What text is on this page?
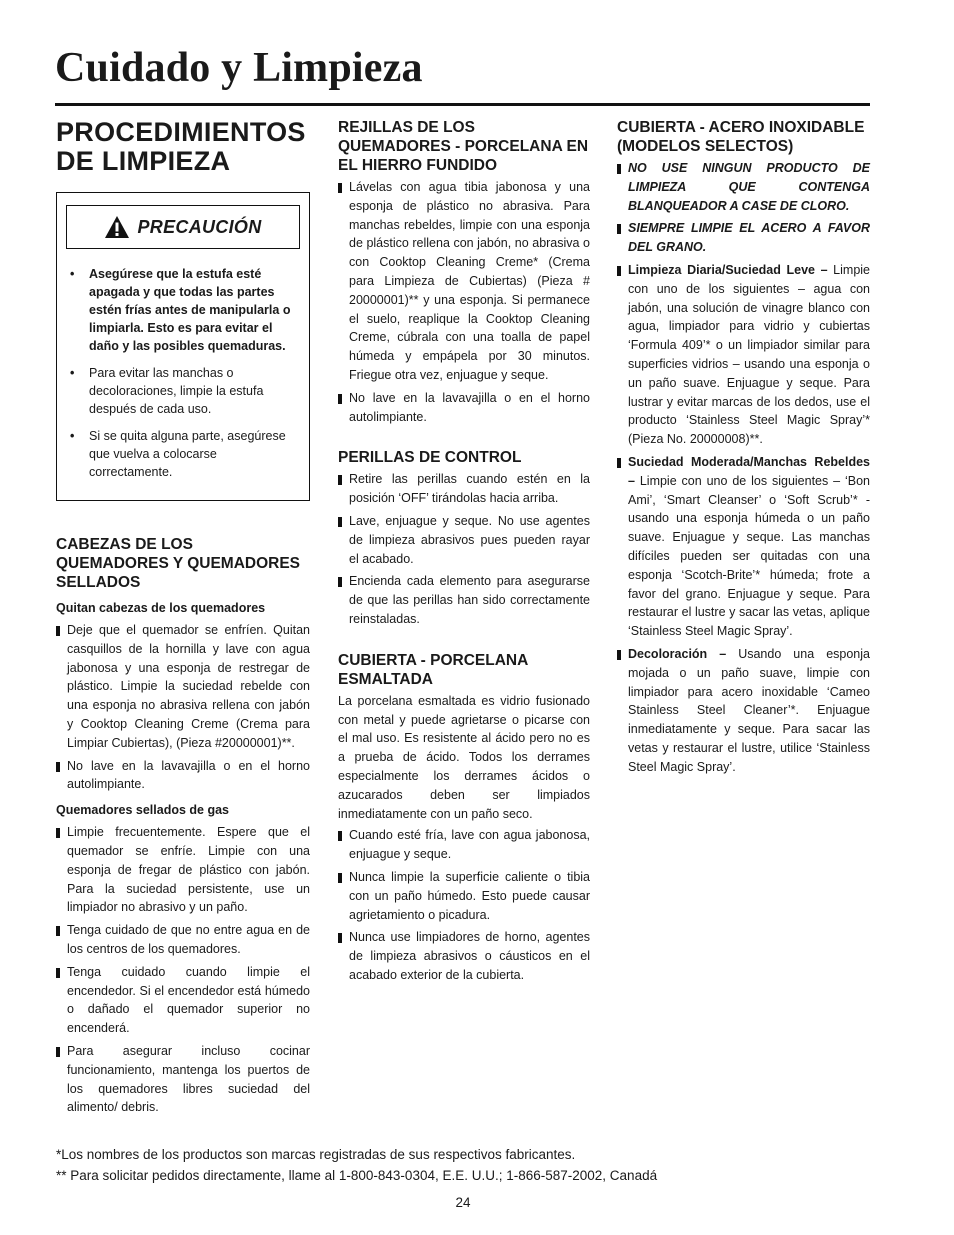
Cuidado y Limpieza
PROCEDIMIENTOS DE LIMPIEZA
PRECAUCIÓN
• Asegúrese que la estufa esté apagada y que todas las partes estén frías antes de manipularla o limpiarla. Esto es para evitar el daño y las posibles quemaduras.
• Para evitar las manchas o decoloraciones, limpie la estufa después de cada uso.
• Si se quita alguna parte, asegúrese que vuelva a colocarse correctamente.
CABEZAS DE LOS QUEMADORES Y QUEMADORES SELLADOS
Quitan cabezas de los quemadores
Deje que el quemador se enfríen. Quitan casquillos de la hornilla y lave con agua jabonosa y una esponja de restregar de plástico. Limpie la suciedad rebelde con una esponja no abrasiva rellena con jabón y Cooktop Cleaning Creme (Crema para Limpiar Cubiertas), (Pieza #20000001)**.
No lave en la lavavajilla o en el horno autolimpiante.
Quemadores sellados de gas
Limpie frecuentemente. Espere que el quemador se enfríe. Limpie con una esponja de fregar de plástico con jabón. Para la suciedad persistente, use un limpiador no abrasivo y un paño.
Tenga cuidado de que no entre agua en de los centros de los quemadores.
Tenga cuidado cuando limpie el encendedor. Si el encendedor está húmedo o dañado el quemador superior no encenderá.
Para asegurar incluso cocinar funcionamiento, mantenga los puertos de los quemadores libres suciedad del alimento/ debris.
REJILLAS DE LOS QUEMADORES - PORCELANA EN EL HIERRO FUNDIDO
Lávelas con agua tibia jabonosa y una esponja de plástico no abrasiva. Para manchas rebeldes, limpie con una esponja de plástico rellena con jabón, no abrasiva o con Cooktop Cleaning Creme* (Crema para Limpieza de Cubiertas) (Pieza # 20000001)** y una esponja. Si permanece el suelo, reaplique la Cooktop Cleaning Creme, cúbrala con una toalla de papel húmeda y empápela por 30 minutos. Friegue otra vez, enjuague y seque.
No lave en la lavavajilla o en el horno autolimpiante.
PERILLAS DE CONTROL
Retire las perillas cuando estén en la posición ‘OFF’ tirándolas hacia arriba.
Lave, enjuague y seque. No use agentes de limpieza abrasivos pues pueden rayar el acabado.
Encienda cada elemento para asegurarse de que las perillas han sido correctamente reinstaladas.
CUBIERTA - PORCELANA ESMALTADA

La porcelana esmaltada es vidrio fusionado con metal y puede agrietarse o picarse con el mal uso. Es resistente al ácido pero no es a prueba de ácido. Todos los derrames especialmente los derrames ácidos o azucarados deben ser limpiados inmediatamente con un paño seco.

Cuando esté fría, lave con agua jabonosa, enjuague y seque.
Nunca limpie la superficie caliente o tibia con un paño húmedo. Esto puede causar agrietamiento o picadura.
Nunca use limpiadores de horno, agentes de limpieza abrasivos o cáusticos en el acabado exterior de la cubierta.
CUBIERTA - ACERO INOXIDABLE (MODELOS SELECTOS)
NO USE NINGUN PRODUCTO DE LIMPIEZA QUE CONTENGA BLANQUEADOR A CASE DE CLORO.
SIEMPRE LIMPIE EL ACERO A FAVOR DEL GRANO.
Limpieza Diaria/Suciedad Leve – Limpie con uno de los siguientes – agua con jabón, una solución de vinagre blanco con agua, limpiador para vidrio y cubiertas ‘Formula 409’* o un limpiador similar para superficies vidrios – usando una esponja o un paño suave. Enjuague y seque. Para lustrar y evitar marcas de los dedos, use el producto ‘Stainless Steel Magic Spray’* (Pieza No. 20000008)**.
Suciedad Moderada/Manchas Rebeldes – Limpie con uno de los siguientes – ‘Bon Ami’, ‘Smart Cleanser’ o ‘Soft Scrub’* - usando una esponja húmeda o un paño suave. Enjuague y seque. Las manchas difíciles pueden ser quitadas con una esponja ‘Scotch-Brite’* húmeda; frote a favor del grano. Enjuague y seque. Para restaurar el lustre y sacar las vetas, aplique ‘Stainless Steel Magic Spray’.
Decoloración – Usando una esponja mojada o un paño suave, limpie con limpiador para acero inoxidable ‘Cameo Stainless Steel Cleaner’*. Enjuague inmediatamente y seque. Para sacar las vetas y restaurar el lustre, utilice ‘Stainless Steel Magic Spray’.
*Los nombres de los productos son marcas registradas de sus respectivos fabricantes.
** Para solicitar pedidos directamente, llame al 1-800-843-0304, E.E. U.U.; 1-866-587-2002, Canadá
24
